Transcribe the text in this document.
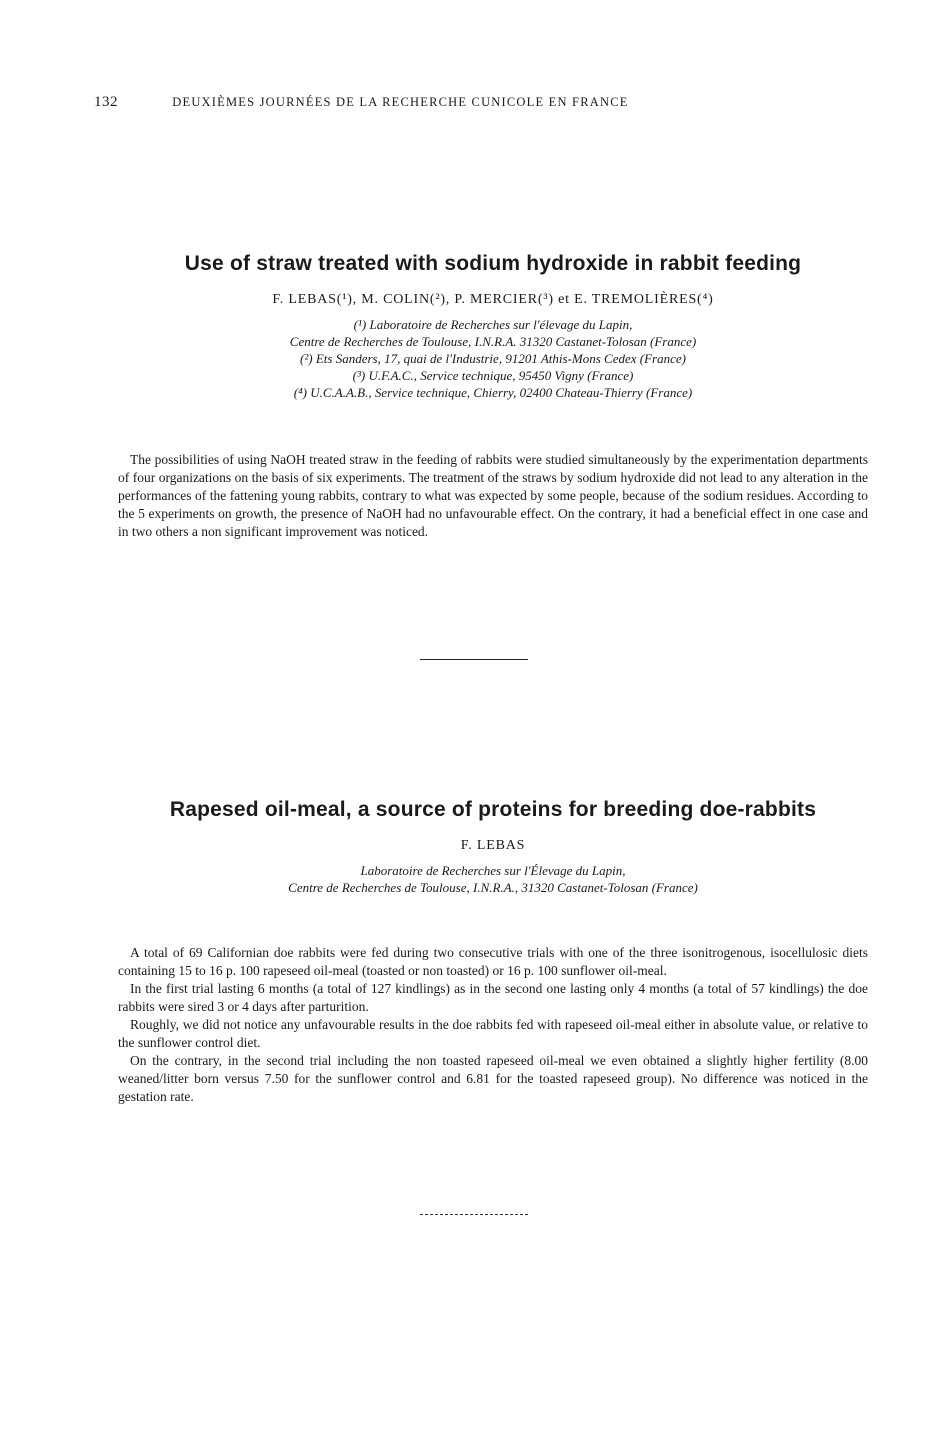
132	DEUXIÈMES JOURNÉES DE LA RECHERCHE CUNICOLE EN FRANCE
Use of straw treated with sodium hydroxide in rabbit feeding

F. LEBAS(¹), M. COLIN(²), P. MERCIER(³) et E. TREMOLIÈRES(⁴)

(¹) Laboratoire de Recherches sur l'élevage du Lapin,

Centre de Recherches de Toulouse, I.N.R.A. 31320 Castanet-Tolosan (France)

(²) Ets Sanders, 17, quai de l'Industrie, 91201 Athis-Mons Cedex (France)

(³) U.F.A.C., Service technique, 95450 Vigny (France)

(⁴) U.C.A.A.B., Service technique, Chierry, 02400 Chateau-Thierry (France)

The possibilities of using NaOH treated straw in the feeding of rabbits were studied simultaneously by the experimentation departments of four organizations on the basis of six experiments. The treatment of the straws by sodium hydroxide did not lead to any alteration in the performances of the fattening young rabbits, contrary to what was expected by some people, because of the sodium residues. According to the 5 experiments on growth, the presence of NaOH had no unfavourable effect. On the contrary, it had a beneficial effect in one case and in two others a non significant improvement was noticed.

Rapesed oil-meal, a source of proteins for breeding doe-rabbits

F. LEBAS

Laboratoire de Recherches sur l'Élevage du Lapin,

Centre de Recherches de Toulouse, I.N.R.A., 31320 Castanet-Tolosan (France)

A total of 69 Californian doe rabbits were fed during two consecutive trials with one of the three isonitrogenous, isocellulosic diets containing 15 to 16 p. 100 rapeseed oil-meal (toasted or non toasted) or 16 p. 100 sunflower oil-meal.

In the first trial lasting 6 months (a total of 127 kindlings) as in the second one lasting only 4 months (a total of 57 kindlings) the doe rabbits were sired 3 or 4 days after parturition.

Roughly, we did not notice any unfavourable results in the doe rabbits fed with rapeseed oil-meal either in absolute value, or relative to the sunflower control diet.

On the contrary, in the second trial including the non toasted rapeseed oil-meal we even obtained a slightly higher fertility (8.00 weaned/litter born versus 7.50 for the sunflower control and 6.81 for the toasted rapeseed group). No difference was noticed in the gestation rate.
